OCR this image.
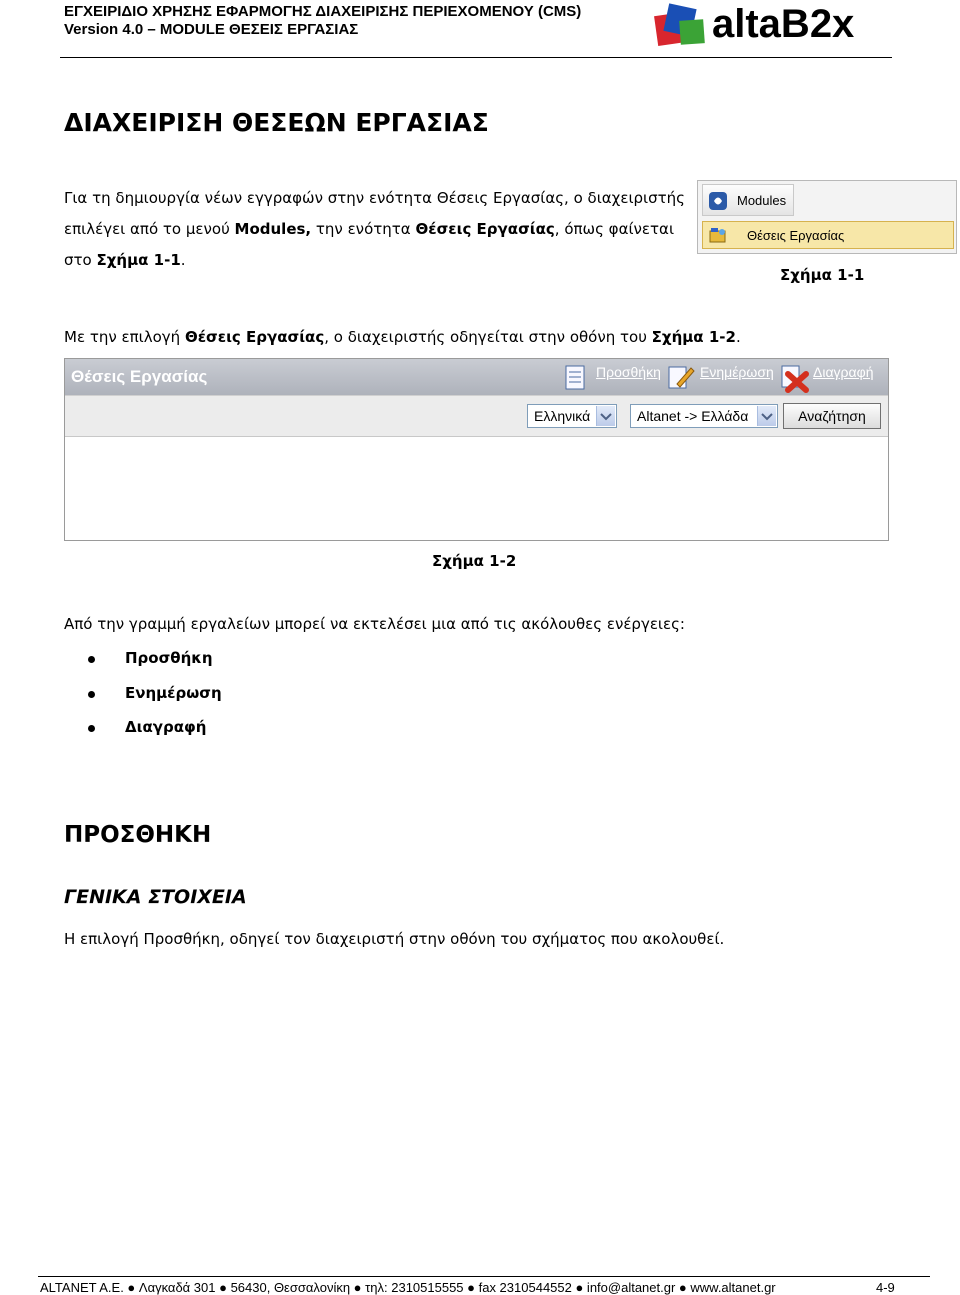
ΕΓΧΕΙΡΙΔΙΟ ΧΡΗΣΗΣ ΕΦΑΡΜΟΓΗΣ ΔΙΑΧΕΙΡΙΣΗΣ ΠΕΡΙΕΧΟΜΕΝΟΥ (CMS)
Version 4.0 – MODULE ΘΕΣΕΙΣ ΕΡΓΑΣΙΑΣ	altaB2x
ΔΙΑΧΕΙΡΙΣΗ ΘΕΣΕΩΝ ΕΡΓΑΣΙΑΣ
Για τη δημιουργία νέων εγγραφών στην ενότητα Θέσεις Εργασίας, ο διαχειριστής
επιλέγει από το μενού Modules, την ενότητα Θέσεις Εργασίας, όπως φαίνεται
στο Σχήμα 1-1.
Modules
Θέσεις Εργασίας
Σχήμα 1-1
Με την επιλογή Θέσεις Εργασίας, ο διαχειριστής οδηγείται στην οθόνη του Σχήμα 1-2.
Θέσεις Εργασίας	Προσθήκη	Ενημέρωση	Διαγραφή
Ελληνικά	Altanet -> Ελλάδα	Αναζήτηση
Σχήμα 1-2
Από την γραμμή εργαλείων μπορεί να εκτελέσει μια από τις ακόλουθες ενέργειες:
Προσθήκη
Ενημέρωση
Διαγραφή
ΠΡΟΣΘΗΚΗ
ΓΕΝΙΚΑ ΣΤΟΙΧΕΙΑ
Η επιλογή Προσθήκη, οδηγεί τον διαχειριστή στην οθόνη του σχήματος που ακολουθεί.
ALTANET A.E. ● Λαγκαδά 301 ● 56430, Θεσσαλονίκη ● τηλ: 2310515555 ● fax 2310544552 ● info@altanet.gr ● www.altanet.gr	4-9
